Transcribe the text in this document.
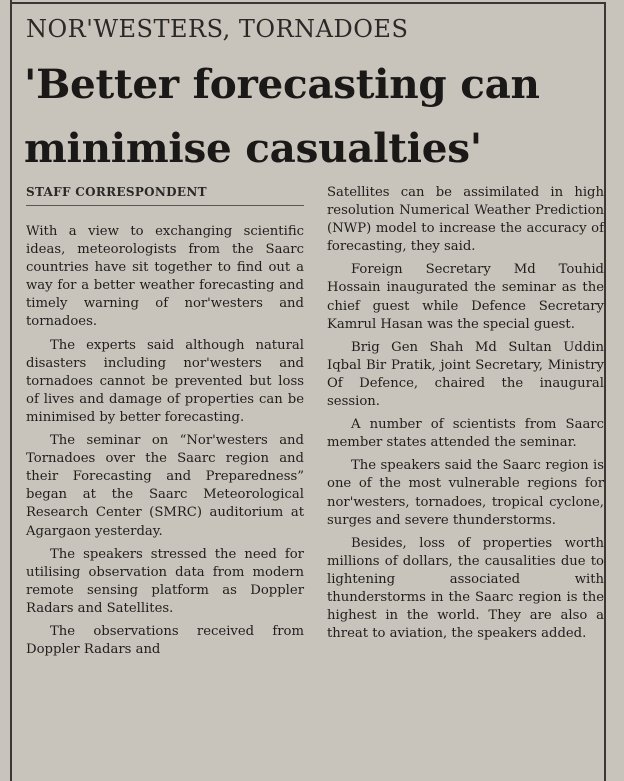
NOR'WESTERS, TORNADOES
'Better forecasting can minimise casualties'
STAFF CORRESPONDENT

With a view to exchanging scientific ideas, meteorologists from the Saarc countries have sit together to find out a way for a better weather forecasting and timely warning of nor'westers and tornadoes.

The experts said although natural disasters including nor'westers and tornadoes cannot be prevented but loss of lives and damage of properties can be minimised by better forecasting.

The seminar on “Nor'westers and Tornadoes over the Saarc region and their Forecasting and Preparedness” began at the Saarc Meteorological Research Center (SMRC) auditorium at Agargaon yesterday.

The speakers stressed the need for utilising observation data from modern remote sensing platform as Doppler Radars and Satellites.

The observations received from Doppler Radars and

Satellites can be assimilated in high resolution Numerical Weather Prediction (NWP) model to increase the accuracy of forecasting, they said.

Foreign Secretary Md Touhid Hossain inaugurated the seminar as the chief guest while Defence Secretary Kamrul Hasan was the special guest.

Brig Gen Shah Md Sultan Uddin Iqbal Bir Pratik, joint Secretary, Ministry Of Defence, chaired the inaugural session.

A number of scientists from Saarc member states attended the seminar.

The speakers said the Saarc region is one of the most vulnerable regions for nor'westers, tornadoes, tropical cyclone, surges and severe thunderstorms.

Besides, loss of properties worth millions of dollars, the causalities due to lightening associated with thunderstorms in the Saarc region is the highest in the world. They are also a threat to aviation, the speakers added.
